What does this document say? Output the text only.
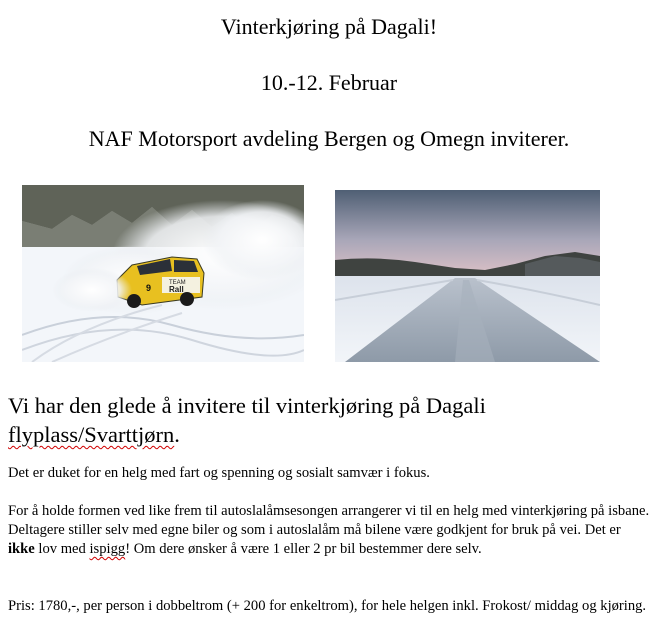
Vinterkjøring på Dagali!
10.-12. Februar
NAF Motorsport avdeling Bergen og Omegn inviterer.
TEAM
Rall
9
Vi har den glede å invitere til vinterkjøring på Dagali flyplass/Svarttjørn.
Det er duket for en helg med fart og spenning og sosialt samvær i fokus.
For å holde formen ved like frem til autoslalåmsesongen arrangerer vi til en helg med vinterkjøring på isbane. Deltagere stiller selv med egne biler og som i autoslalåm må bilene være godkjent for bruk på vei. Det er ikke lov med ispigg! Om dere ønsker å være 1 eller 2 pr bil bestemmer dere selv.
Pris: 1780,-, per person i dobbeltrom (+ 200 for enkeltrom), for hele helgen inkl. Frokost/ middag og kjøring.
